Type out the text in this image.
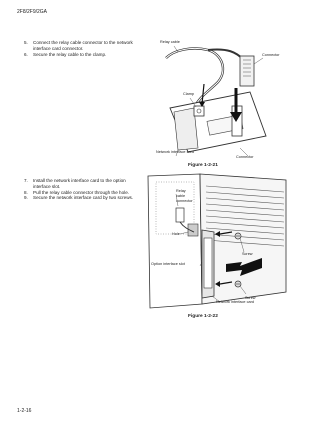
2F8/2F9/2GA
5.	Connect the relay cable connector to the network interface card connector.
6.	Secure the relay cable to the clamp.
Relay cable
Connector
Clamp
Network interface card
Connector
Figure 1-2-21
7.	Install the network interface card to the option interface slot.
8.	Pull the relay cable connector through the hole.
9.	Secure the network interface card by two screws.
Relay
cable
connector
Hole
Option interface slot
Screw
Screw
Network interface card
Figure 1-2-22
1-2-16
